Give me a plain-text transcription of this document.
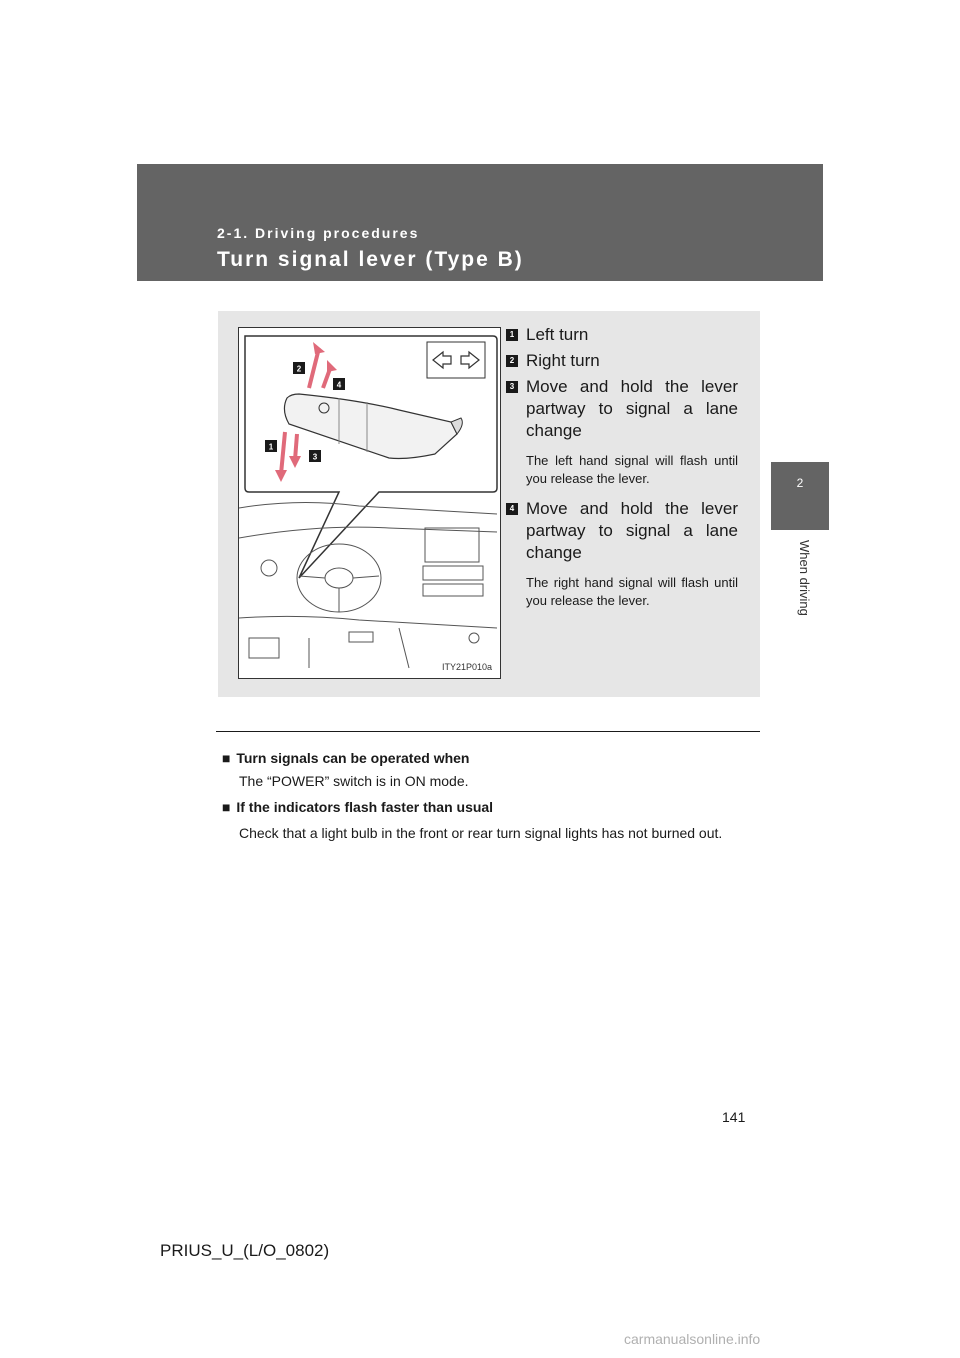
2-1. Driving procedures
Turn signal lever (Type B)
2
When driving
1
2
3
4
ITY21P010a
1 Left turn
2 Right turn
3 Move and hold the lever partway to signal a lane change
The left hand signal will flash until you release the lever.
4 Move and hold the lever partway to signal a lane change
The right hand signal will flash until you release the lever.
■ Turn signals can be operated when
The “POWER” switch is in ON mode.
■ If the indicators flash faster than usual
Check that a light bulb in the front or rear turn signal lights has not burned out.
141
PRIUS_U_(L/O_0802)
carmanualsonline.info
